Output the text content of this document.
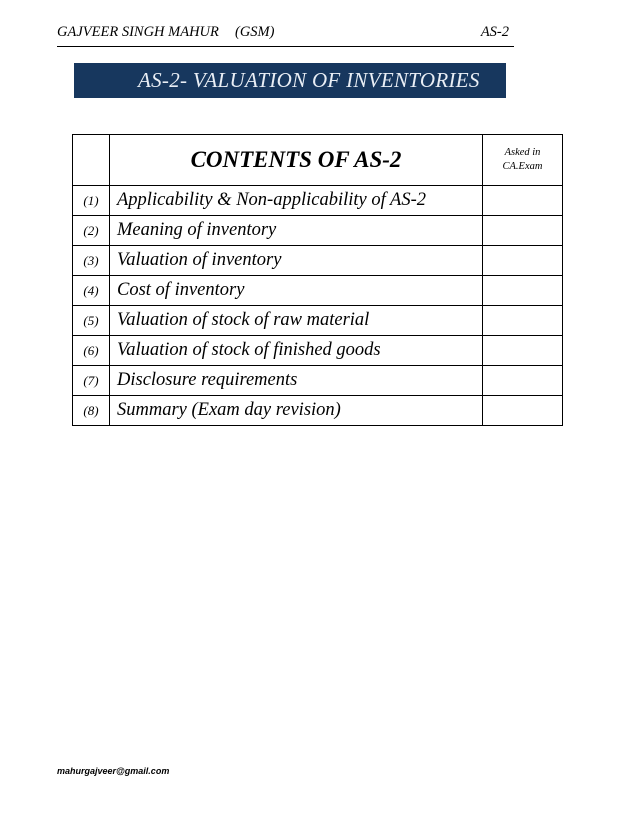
GAJVEER SINGH MAHUR (GSM)	AS-2
AS-2- VALUATION OF INVENTORIES
	CONTENTS OF AS-2	Asked in
CA.Exam

(1)	Applicability & Non-applicability of AS-2	
(2)	Meaning of inventory	
(3)	Valuation of inventory	
(4)	Cost of inventory	
(5)	Valuation of stock of raw material	
(6)	Valuation of stock of finished goods	
(7)	Disclosure requirements	
(8)	Summary (Exam day revision)	
mahurgajveer@gmail.com
